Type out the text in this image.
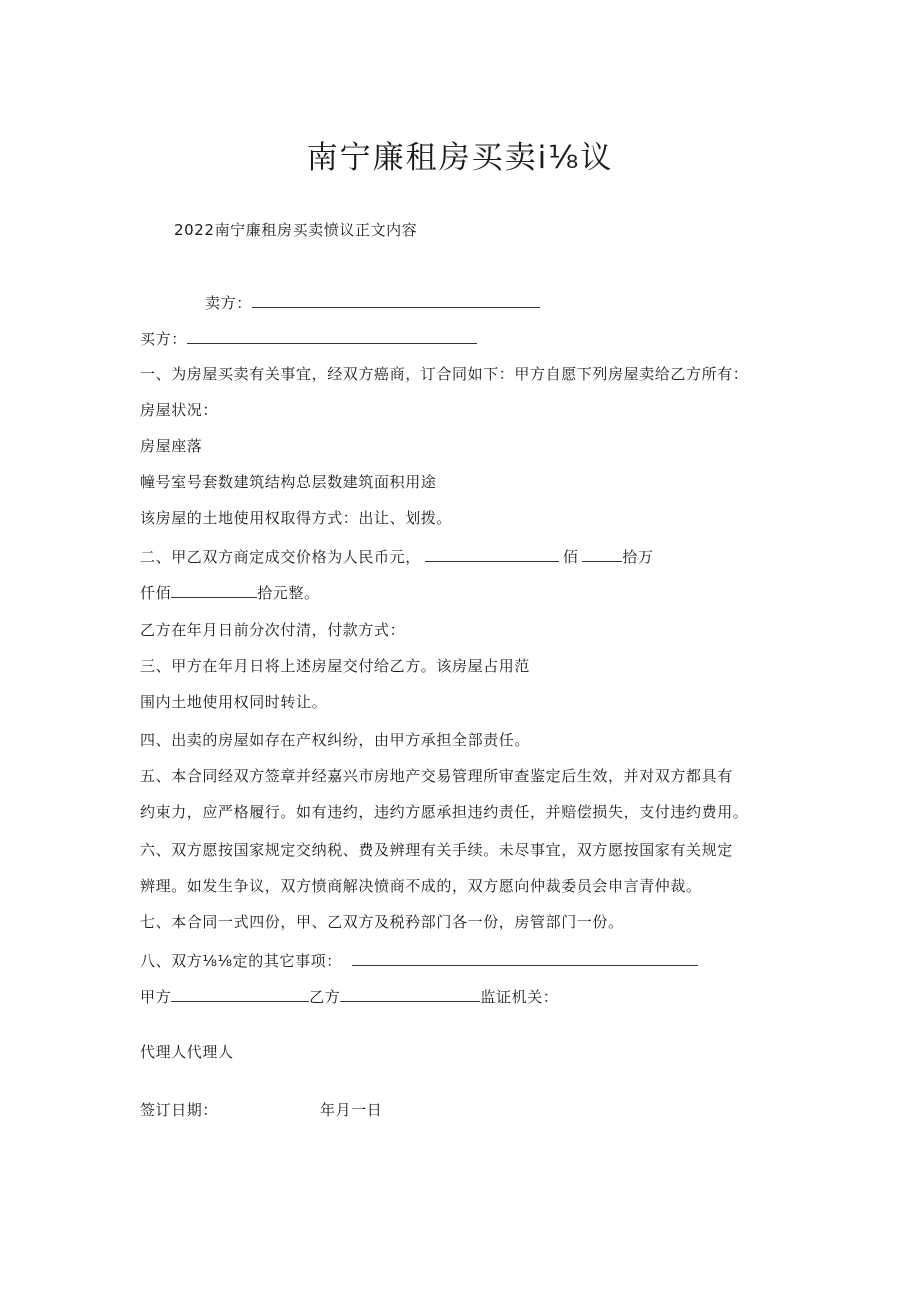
南宁廉租房买卖i⅛议
2022南宁廉租房买卖愤议正文内容
卖方：
买方：
一、为房屋买卖有关事宜，经双方癌商，订合同如下：甲方自愿下列房屋卖给乙方所有：
房屋状况：
房屋座落
幢号室号套数建筑结构总层数建筑面积用途
该房屋的土地使用权取得方式：出让、划拨。
二、甲乙双方商定成交价格为人民币元，	佰	拾万
仟佰	拾元整。
乙方在年月日前分次付清，付款方式：
三、甲方在年月日将上述房屋交付给乙方。该房屋占用范
围内土地使用权同时转让。
四、出卖的房屋如存在产权纠纷，由甲方承担全部责任。
五、本合同经双方签章并经嘉兴市房地产交易管理所审查鉴定后生效，并对双方都具有
约束力，应严格履行。如有违约，违约方愿承担违约责任，并赔偿损失，支付违约费用。
六、双方愿按国家规定交纳税、费及辨理有关手续。未尽事宜，双方愿按国家有关规定
辨理。如发生争议，双方愤商解决愤商不成的，双方愿向仲裁委员会申言青仲裁。
七、本合同一式四份，甲、乙双方及税矜部门各一份，房管部门一份。
八、双方⅛⅛定的其它事项：
甲方	乙方	监证机关：
代理人代理人
签订日期：	年月一日
